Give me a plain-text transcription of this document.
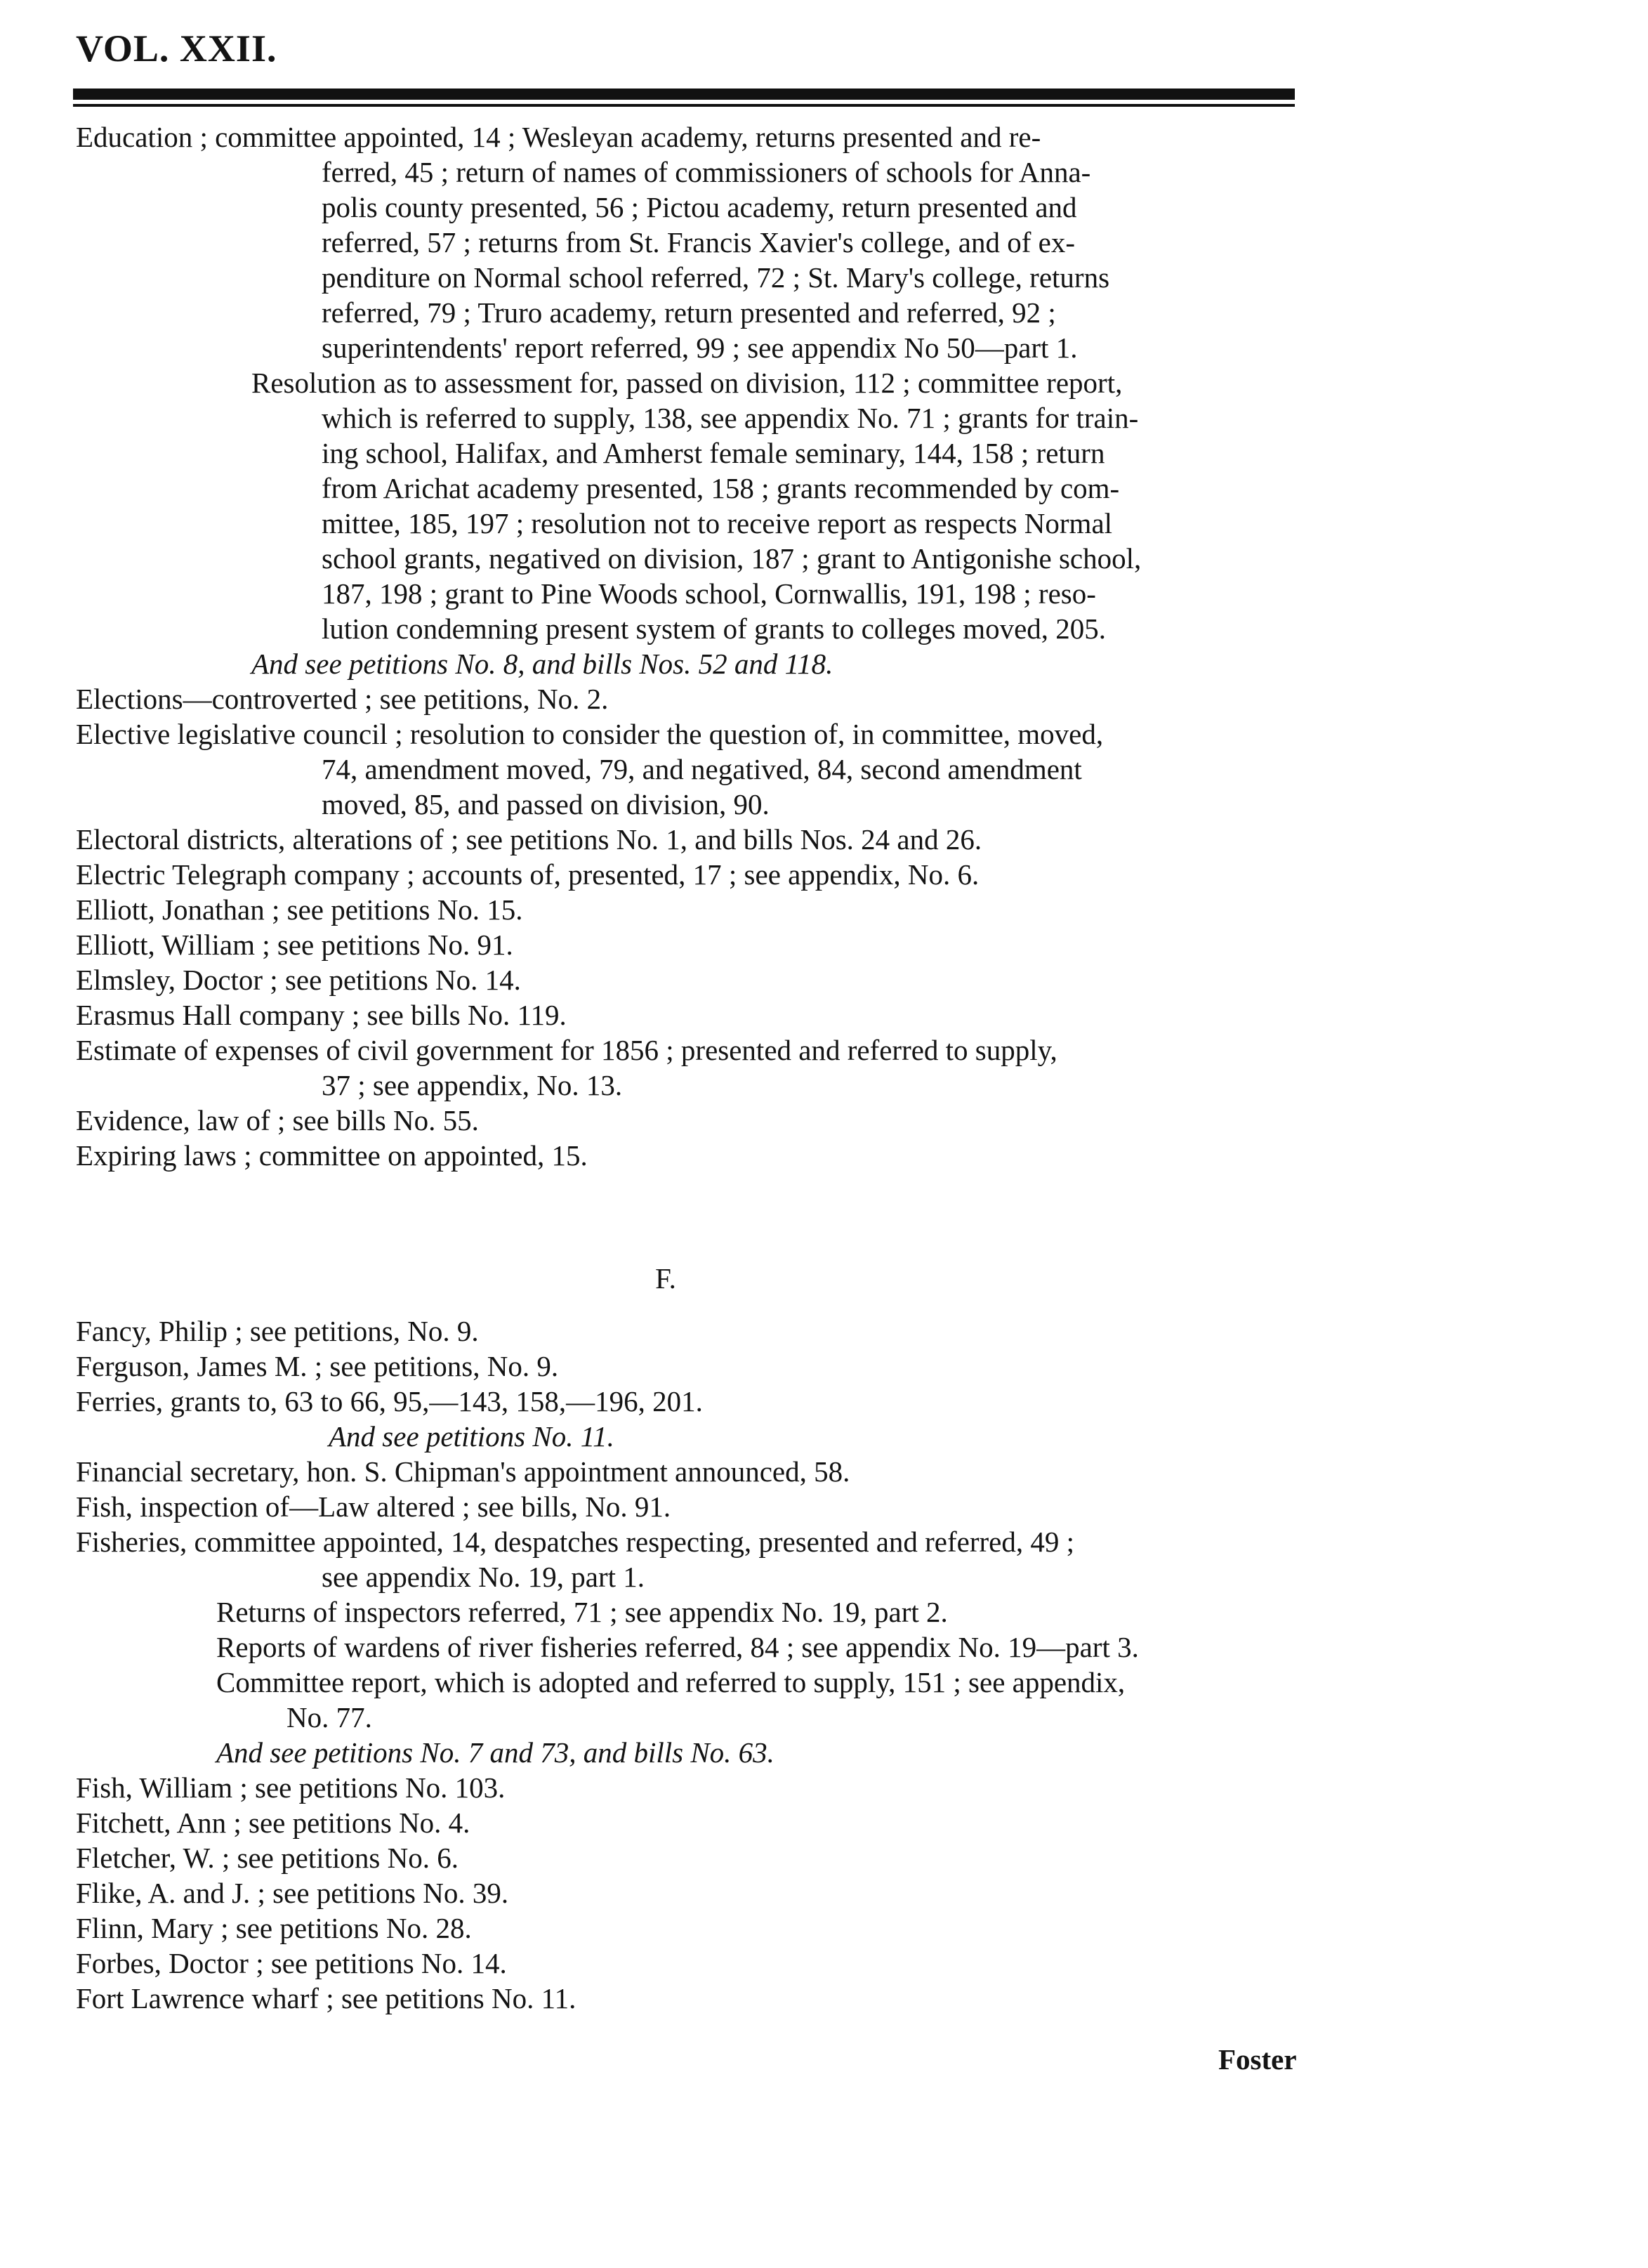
VOL. XXII.
Education ; committee appointed, 14 ; Wesleyan academy, returns presented and re-
ferred, 45 ; return of names of commissioners of schools for Anna-
polis county presented, 56 ; Pictou academy, return presented and
referred, 57 ; returns from St. Francis Xavier's college, and of ex-
penditure on Normal school referred, 72 ; St. Mary's college, returns
referred, 79 ; Truro academy, return presented and referred, 92 ;
superintendents' report referred, 99 ; see appendix No 50—part 1.
Resolution as to assessment for, passed on division, 112 ; committee report,
which is referred to supply, 138, see appendix No. 71 ; grants for train-
ing school, Halifax, and Amherst female seminary, 144, 158 ; return
from Arichat academy presented, 158 ; grants recommended by com-
mittee, 185, 197 ; resolution not to receive report as respects Normal
school grants, negatived on division, 187 ; grant to Antigonishe school,
187, 198 ; grant to Pine Woods school, Cornwallis, 191, 198 ; reso-
lution condemning present system of grants to colleges moved, 205.
And see petitions No. 8, and bills Nos. 52 and 118.
Elections—controverted ; see petitions, No. 2.
Elective legislative council ; resolution to consider the question of, in committee, moved,
74, amendment moved, 79, and negatived, 84, second amendment
moved, 85, and passed on division, 90.
Electoral districts, alterations of ; see petitions No. 1, and bills Nos. 24 and 26.
Electric Telegraph company ; accounts of, presented, 17 ; see appendix, No. 6.
Elliott, Jonathan ; see petitions No. 15.
Elliott, William ; see petitions No. 91.
Elmsley, Doctor ; see petitions No. 14.
Erasmus Hall company ; see bills No. 119.
Estimate of expenses of civil government for 1856 ; presented and referred to supply,
37 ; see appendix, No. 13.
Evidence, law of ; see bills No. 55.
Expiring laws ; committee on appointed, 15.
F.
Fancy, Philip ; see petitions, No. 9.
Ferguson, James M. ; see petitions, No. 9.
Ferries, grants to, 63 to 66, 95,—143, 158,—196, 201.
And see petitions No. 11.
Financial secretary, hon. S. Chipman's appointment announced, 58.
Fish, inspection of—Law altered ; see bills, No. 91.
Fisheries, committee appointed, 14, despatches respecting, presented and referred, 49 ;
see appendix No. 19, part 1.
Returns of inspectors referred, 71 ; see appendix No. 19, part 2.
Reports of wardens of river fisheries referred, 84 ; see appendix No. 19—part 3.
Committee report, which is adopted and referred to supply, 151 ; see appendix,
No. 77.
And see petitions No. 7 and 73, and bills No. 63.
Fish, William ; see petitions No. 103.
Fitchett, Ann ; see petitions No. 4.
Fletcher, W. ; see petitions No. 6.
Flike, A. and J. ; see petitions No. 39.
Flinn, Mary ; see petitions No. 28.
Forbes, Doctor ; see petitions No. 14.
Fort Lawrence wharf ; see petitions No. 11.
Foster
